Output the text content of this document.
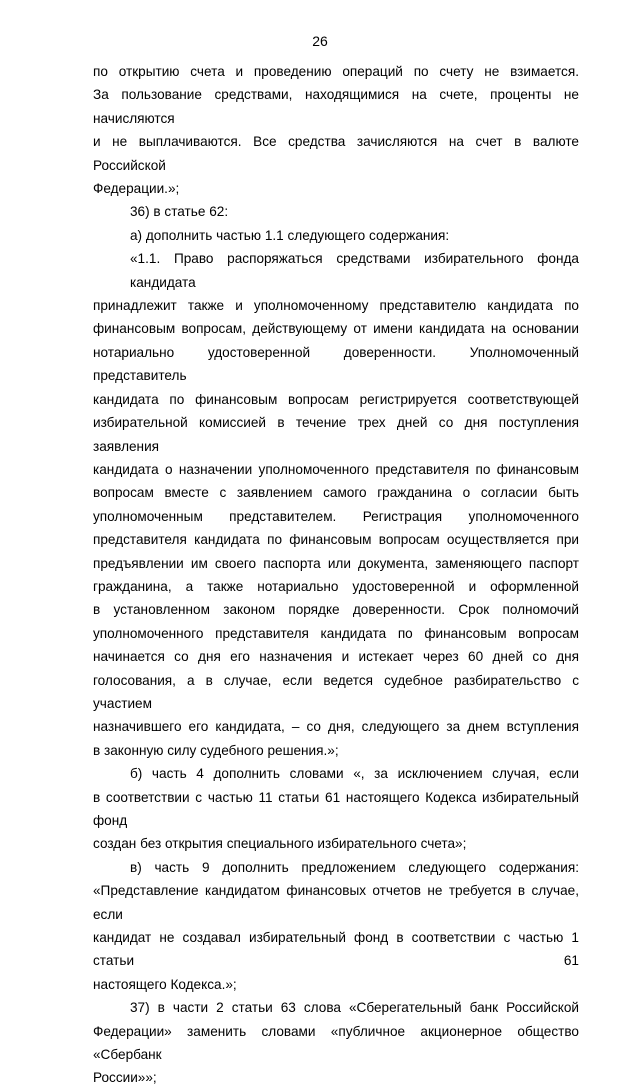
26
по открытию счета и проведению операций по счету не взимается.
За пользование средствами, находящимися на счете, проценты не начисляются
и не выплачиваются. Все средства зачисляются на счет в валюте Российской
Федерации.»;
36) в статье 62:
а) дополнить частью 1.1 следующего содержания:
«1.1. Право распоряжаться средствами избирательного фонда кандидата
принадлежит также и уполномоченному представителю кандидата по
финансовым вопросам, действующему от имени кандидата на основании
нотариально удостоверенной доверенности. Уполномоченный представитель
кандидата по финансовым вопросам регистрируется соответствующей
избирательной комиссией в течение трех дней со дня поступления заявления
кандидата о назначении уполномоченного представителя по финансовым
вопросам вместе с заявлением самого гражданина о согласии быть
уполномоченным представителем. Регистрация уполномоченного
представителя кандидата по финансовым вопросам осуществляется при
предъявлении им своего паспорта или документа, заменяющего паспорт
гражданина, а также нотариально удостоверенной и оформленной
в установленном законом порядке доверенности. Срок полномочий
уполномоченного представителя кандидата по финансовым вопросам
начинается со дня его назначения и истекает через 60 дней со дня
голосования, а в случае, если ведется судебное разбирательство с участием
назначившего его кандидата, – со дня, следующего за днем вступления
в законную силу судебного решения.»;
б) часть 4 дополнить словами «, за исключением случая, если
в соответствии с частью 11 статьи 61 настоящего Кодекса избирательный фонд
создан без открытия специального избирательного счета»;
в) часть 9 дополнить предложением следующего содержания:
«Представление кандидатом финансовых отчетов не требуется в случае, если
кандидат не создавал избирательный фонд в соответствии с частью 1 статьи 61
настоящего Кодекса.»;
37) в части 2 статьи 63 слова «Сберегательный банк Российской
Федерации» заменить словами «публичное акционерное общество «Сбербанк
России»»;
